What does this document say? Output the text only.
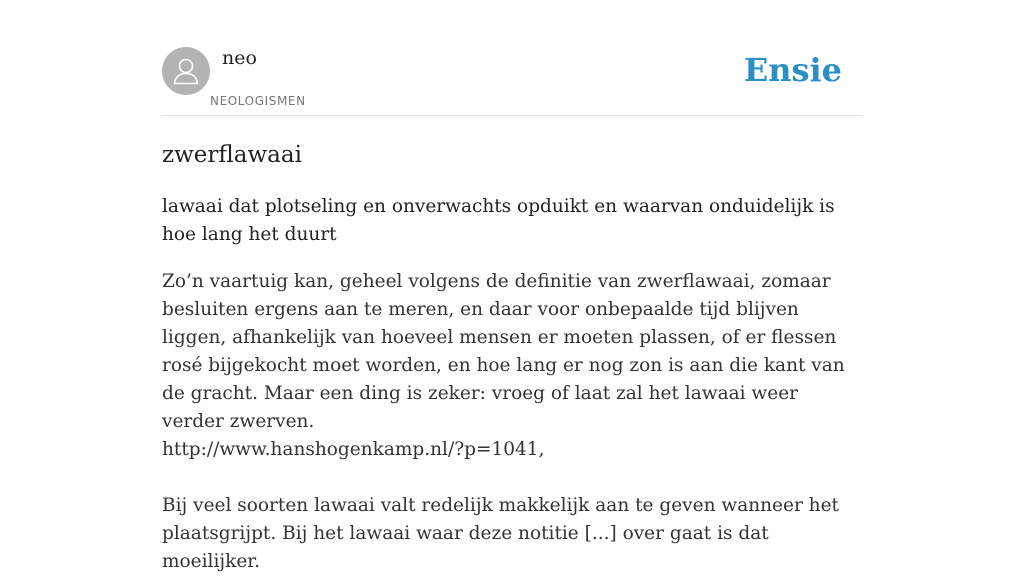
neo
NEOLOGISMEN
Ensie
zwerflawaai
lawaai dat plotseling en onverwachts opduikt en waarvan onduidelijk is hoe lang het duurt

Zo’n vaartuig kan, geheel volgens de definitie van zwerflawaai, zomaar besluiten ergens aan te meren, en daar voor onbepaalde tijd blijven liggen, afhankelijk van hoeveel mensen er moeten plassen, of er flessen rosé bijgekocht moet worden, en hoe lang er nog zon is aan die kant van de gracht. Maar een ding is zeker: vroeg of laat zal het lawaai weer verder zwerven.

http://www.hanshogenkamp.nl/?p=1041,

Bij veel soorten lawaai valt redelijk makkelijk aan te geven wanneer het plaatsgrijpt. Bij het lawaai waar deze notitie [...] over gaat is dat moeilijker.
